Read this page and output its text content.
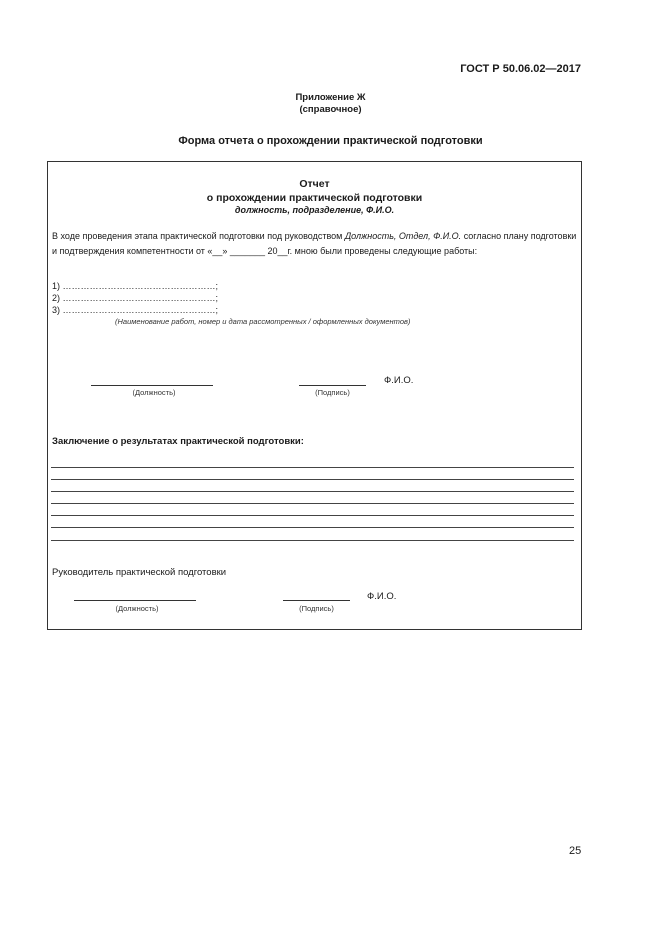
ГОСТ Р 50.06.02—2017
Приложение Ж
(справочное)
Форма отчета о прохождении практической подготовки
Отчет
о прохождении практической подготовки
должность, подразделение, Ф.И.О.
В ходе проведения этапа практической подготовки под руководством Должность, Отдел, Ф.И.О. согласно плану подготовки и подтверждения компетентности от «__» _______ 20__г. мною были проведены следующие работы:
1) ……………………………………………;
2) ……………………………………………;
3) ……………………………………………;
(Наименование работ, номер и дата рассмотренных / оформленных документов)
(Должность)	(Подпись)
Ф.И.О.
Заключение о результатах практической подготовки:
Руководитель практической подготовки
(Должность)	(Подпись)
Ф.И.О.
25
